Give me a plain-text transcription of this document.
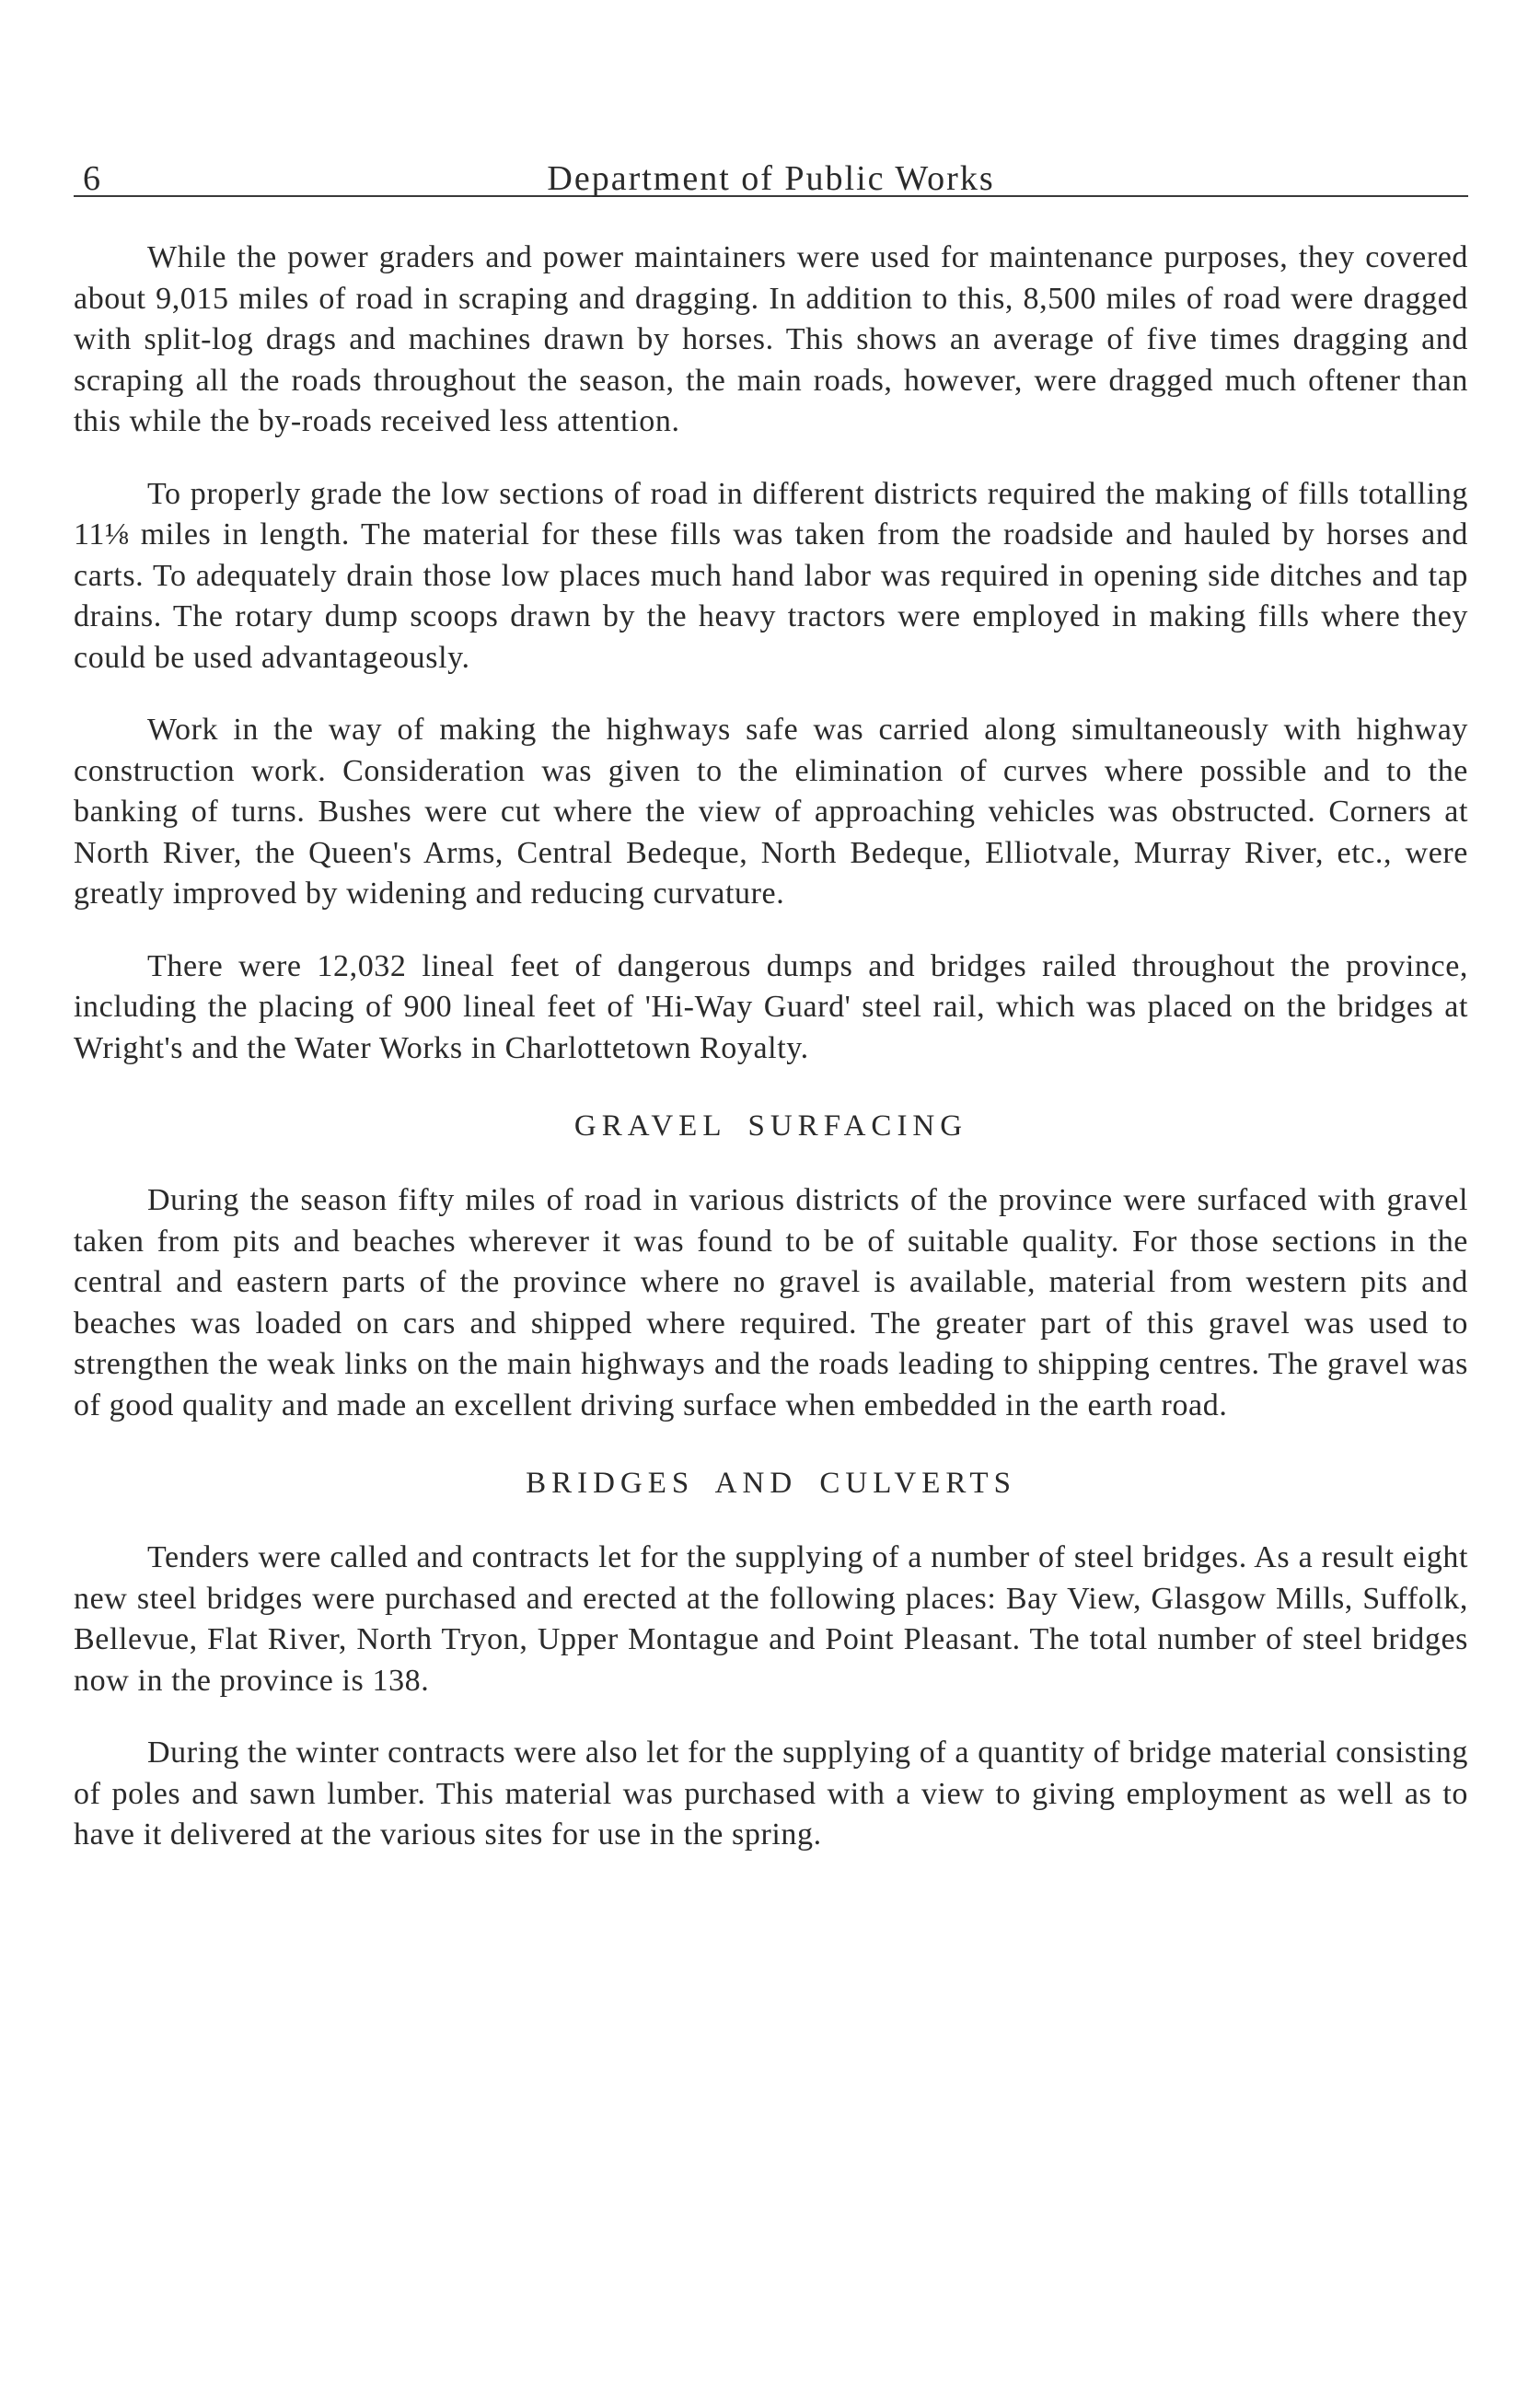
6	Department of Public Works

While the power graders and power maintainers were used for maintenance purposes, they covered about 9,015 miles of road in scraping and dragging. In addition to this, 8,500 miles of road were dragged with split-log drags and machines drawn by horses. This shows an average of five times dragging and scraping all the roads throughout the season, the main roads, however, were dragged much oftener than this while the by-roads received less attention.

To properly grade the low sections of road in different districts required the making of fills totalling 11⅛ miles in length. The material for these fills was taken from the roadside and hauled by horses and carts. To adequately drain those low places much hand labor was required in opening side ditches and tap drains. The rotary dump scoops drawn by the heavy tractors were employed in making fills where they could be used advantageously.

Work in the way of making the highways safe was carried along simultaneously with highway construction work. Consideration was given to the elimination of curves where possible and to the banking of turns. Bushes were cut where the view of approaching vehicles was obstructed. Corners at North River, the Queen's Arms, Central Bedeque, North Bedeque, Elliotvale, Murray River, etc., were greatly improved by widening and reducing curvature.

There were 12,032 lineal feet of dangerous dumps and bridges railed throughout the province, including the placing of 900 lineal feet of 'Hi-Way Guard' steel rail, which was placed on the bridges at Wright's and the Water Works in Charlottetown Royalty.

GRAVEL SURFACING

During the season fifty miles of road in various districts of the province were surfaced with gravel taken from pits and beaches wherever it was found to be of suitable quality. For those sections in the central and eastern parts of the province where no gravel is available, material from western pits and beaches was loaded on cars and shipped where required. The greater part of this gravel was used to strengthen the weak links on the main highways and the roads leading to shipping centres. The gravel was of good quality and made an excellent driving surface when embedded in the earth road.

BRIDGES AND CULVERTS

Tenders were called and contracts let for the supplying of a number of steel bridges. As a result eight new steel bridges were purchased and erected at the following places: Bay View, Glasgow Mills, Suffolk, Bellevue, Flat River, North Tryon, Upper Montague and Point Pleasant. The total number of steel bridges now in the province is 138.

During the winter contracts were also let for the supplying of a quantity of bridge material consisting of poles and sawn lumber. This material was purchased with a view to giving employment as well as to have it delivered at the various sites for use in the spring.
